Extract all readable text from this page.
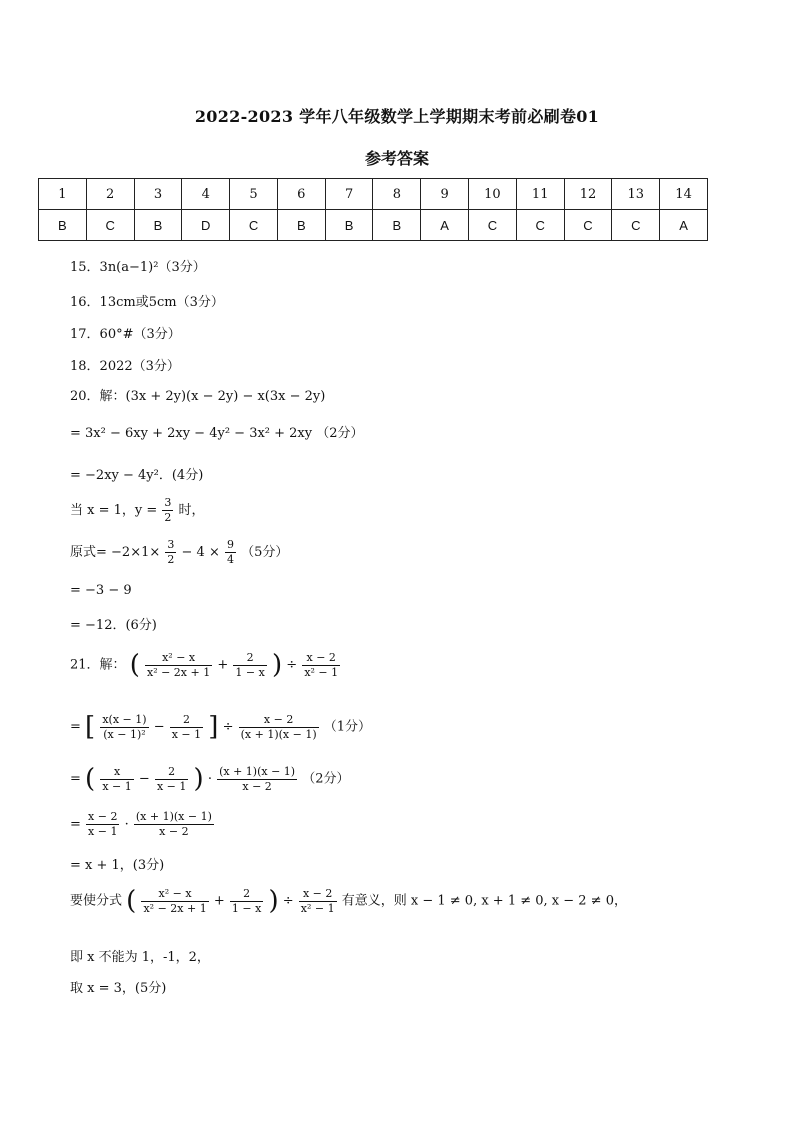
2022-2023 学年八年级数学上学期期末考前必刷卷01
参考答案
1	2	3	4	5	6	7	8	9	10	11	12	13	14
B	C	B	D	C	B	B	B	A	C	C	C	C	A
15．3n(a−1)²（3分）
16．13cm或5cm（3分）
17．60°#（3分）
18．2022（3分）
20．解：(3x + 2y)(x − 2y) − x(3x − 2y)
= 3x² − 6xy + 2xy − 4y² − 3x² + 2xy （2分）
= −2xy − 4y²．(4分)
当 x = 1，$y = \frac{3}{2}$ 时，
原式= $-2\times 1\times \frac{3}{2} - 4 \times \frac{9}{4} (5$分）
= −3 − 9
= −12．(6分)
21．解： ( $\frac{\text{x² − x}}{\text{x² − 2x + 1}} + \frac{2}{1 - x}$ ) ÷ $\frac{x - 2}{\text{x² − 1}}$
= [ $\frac{x(x - 1)}{\text{(x − 1)²}} - \frac{2}{x - 1}$ ] ÷ $\frac{x - 2}{(x + 1)(x - 1)} (1$分）
= ( $\frac{x}{x - 1} - \frac{2}{x - 1}$ ) · $\frac{(x + 1)(x - 1)}{x - 2} (2$分）
= $\frac{x - 2}{x - 1} \cdot \frac{(x + 1)(x - 1)}{x - 2}$
= x + 1，(3分)
要使分式 ( $\frac{\text{x² − x}}{\text{x² − 2x + 1}} + \frac{2}{1 - x}$ ) ÷ $\frac{x - 2}{\text{x² − 1}}$ 有意义，则 x − 1 ≠ 0, x + 1 ≠ 0, x − 2 ≠ 0，
即 x 不能为 1，-1，2，
取 x = 3，(5分)
